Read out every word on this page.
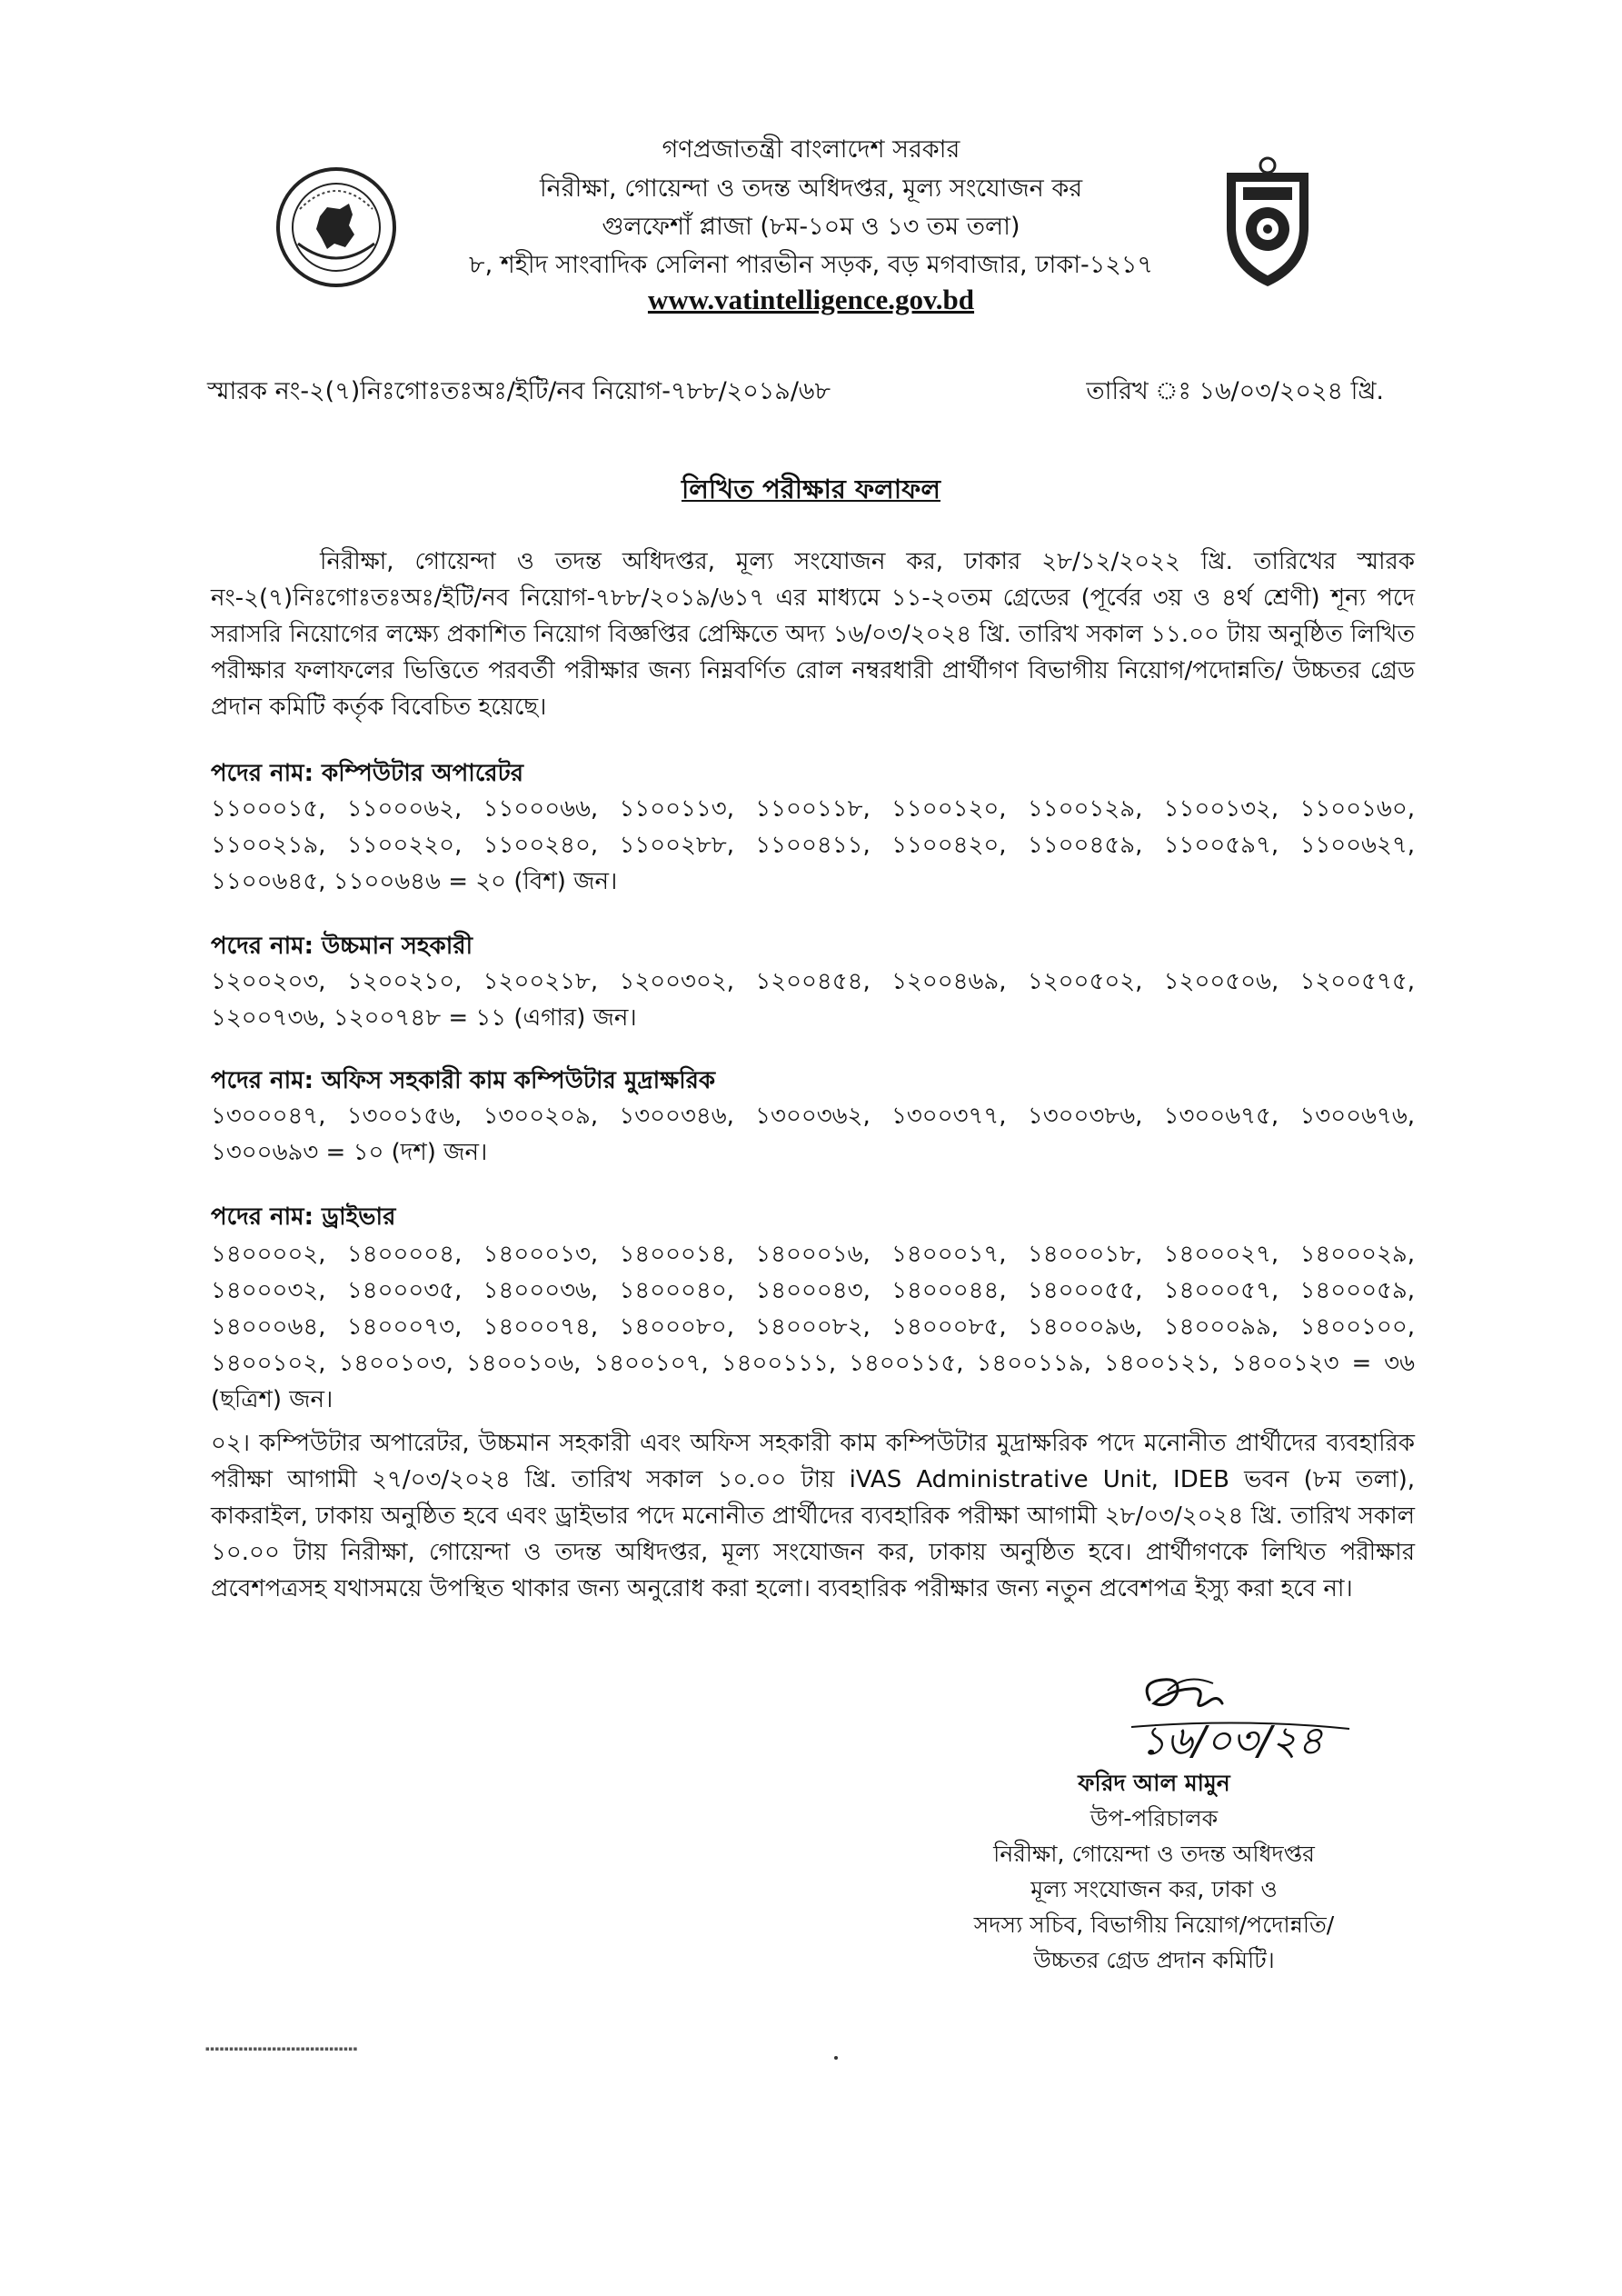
গণপ্রজাতন্ত্রী বাংলাদেশ সরকার
নিরীক্ষা, গোয়েন্দা ও তদন্ত অধিদপ্তর, মূল্য সংযোজন কর
গুলফেশাঁ প্লাজা (৮ম-১০ম ও ১৩ তম তলা)
৮, শহীদ সাংবাদিক সেলিনা পারভীন সড়ক, বড় মগবাজার, ঢাকা-১২১৭
www.vatintelligence.gov.bd
স্মারক নং-২(৭)নিঃগোঃতঃঅঃ/ইটি/নব নিয়োগ-৭৮৮/২০১৯/৬৮	তারিখ ঃ ১৬/০৩/২০২৪ খ্রি.
লিখিত পরীক্ষার ফলাফল
নিরীক্ষা, গোয়েন্দা ও তদন্ত অধিদপ্তর, মূল্য সংযোজন কর, ঢাকার ২৮/১২/২০২২ খ্রি. তারিখের স্মারক নং-২(৭)নিঃগোঃতঃঅঃ/ইটি/নব নিয়োগ-৭৮৮/২০১৯/৬১৭ এর মাধ্যমে ১১-২০তম গ্রেডের (পূর্বের ৩য় ও ৪র্থ শ্রেণী) শূন্য পদে সরাসরি নিয়োগের লক্ষ্যে প্রকাশিত নিয়োগ বিজ্ঞপ্তির প্রেক্ষিতে অদ্য ১৬/০৩/২০২৪ খ্রি. তারিখ সকাল ১১.০০ টায় অনুষ্ঠিত লিখিত পরীক্ষার ফলাফলের ভিত্তিতে পরবর্তী পরীক্ষার জন্য নিম্নবর্ণিত রোল নম্বরধারী প্রার্থীগণ বিভাগীয় নিয়োগ/পদোন্নতি/ উচ্চতর গ্রেড প্রদান কমিটি কর্তৃক বিবেচিত হয়েছে।
পদের নাম: কম্পিউটার অপারেটর
১১০০০১৫, ১১০০০৬২, ১১০০০৬৬, ১১০০১১৩, ১১০০১১৮, ১১০০১২০, ১১০০১২৯, ১১০০১৩২, ১১০০১৬০, ১১০০২১৯, ১১০০২২০, ১১০০২৪০, ১১০০২৮৮, ১১০০৪১১, ১১০০৪২০, ১১০০৪৫৯, ১১০০৫৯৭, ১১০০৬২৭, ১১০০৬৪৫, ১১০০৬৪৬ = ২০ (বিশ) জন।
পদের নাম: উচ্চমান সহকারী
১২০০২০৩, ১২০০২১০, ১২০০২১৮, ১২০০৩০২, ১২০০৪৫৪, ১২০০৪৬৯, ১২০০৫০২, ১২০০৫০৬, ১২০০৫৭৫, ১২০০৭৩৬, ১২০০৭৪৮ = ১১ (এগার) জন।
পদের নাম: অফিস সহকারী কাম কম্পিউটার মুদ্রাক্ষরিক
১৩০০০৪৭, ১৩০০১৫৬, ১৩০০২০৯, ১৩০০৩৪৬, ১৩০০৩৬২, ১৩০০৩৭৭, ১৩০০৩৮৬, ১৩০০৬৭৫, ১৩০০৬৭৬, ১৩০০৬৯৩ = ১০ (দশ) জন।
পদের নাম: ড্রাইভার
১৪০০০০২, ১৪০০০০৪, ১৪০০০১৩, ১৪০০০১৪, ১৪০০০১৬, ১৪০০০১৭, ১৪০০০১৮, ১৪০০০২৭, ১৪০০০২৯, ১৪০০০৩২, ১৪০০০৩৫, ১৪০০০৩৬, ১৪০০০৪০, ১৪০০০৪৩, ১৪০০০৪৪, ১৪০০০৫৫, ১৪০০০৫৭, ১৪০০০৫৯, ১৪০০০৬৪, ১৪০০০৭৩, ১৪০০০৭৪, ১৪০০০৮০, ১৪০০০৮২, ১৪০০০৮৫, ১৪০০০৯৬, ১৪০০০৯৯, ১৪০০১০০, ১৪০০১০২, ১৪০০১০৩, ১৪০০১০৬, ১৪০০১০৭, ১৪০০১১১, ১৪০০১১৫, ১৪০০১১৯, ১৪০০১২১, ১৪০০১২৩ = ৩৬ (ছত্রিশ) জন।
০২। কম্পিউটার অপারেটর, উচ্চমান সহকারী এবং অফিস সহকারী কাম কম্পিউটার মুদ্রাক্ষরিক পদে মনোনীত প্রার্থীদের ব্যবহারিক পরীক্ষা আগামী ২৭/০৩/২০২৪ খ্রি. তারিখ সকাল ১০.০০ টায় iVAS Administrative Unit, IDEB ভবন (৮ম তলা), কাকরাইল, ঢাকায় অনুষ্ঠিত হবে এবং ড্রাইভার পদে মনোনীত প্রার্থীদের ব্যবহারিক পরীক্ষা আগামী ২৮/০৩/২০২৪ খ্রি. তারিখ সকাল ১০.০০ টায় নিরীক্ষা, গোয়েন্দা ও তদন্ত অধিদপ্তর, মূল্য সংযোজন কর, ঢাকায় অনুষ্ঠিত হবে। প্রার্থীগণকে লিখিত পরীক্ষার প্রবেশপত্রসহ যথাসময়ে উপস্থিত থাকার জন্য অনুরোধ করা হলো। ব্যবহারিক পরীক্ষার জন্য নতুন প্রবেশপত্র ইস্যু করা হবে না।
১৬/০৩/২৪
ফরিদ আল মামুন
উপ-পরিচালক
নিরীক্ষা, গোয়েন্দা ও তদন্ত অধিদপ্তর
মূল্য সংযোজন কর, ঢাকা ও
সদস্য সচিব, বিভাগীয় নিয়োগ/পদোন্নতি/
উচ্চতর গ্রেড প্রদান কমিটি।
▪▪▪▪▪▪▪▪▪▪▪▪▪▪▪▪▪▪▪▪▪▪▪▪▪▪▪▪▪▪▪▪
